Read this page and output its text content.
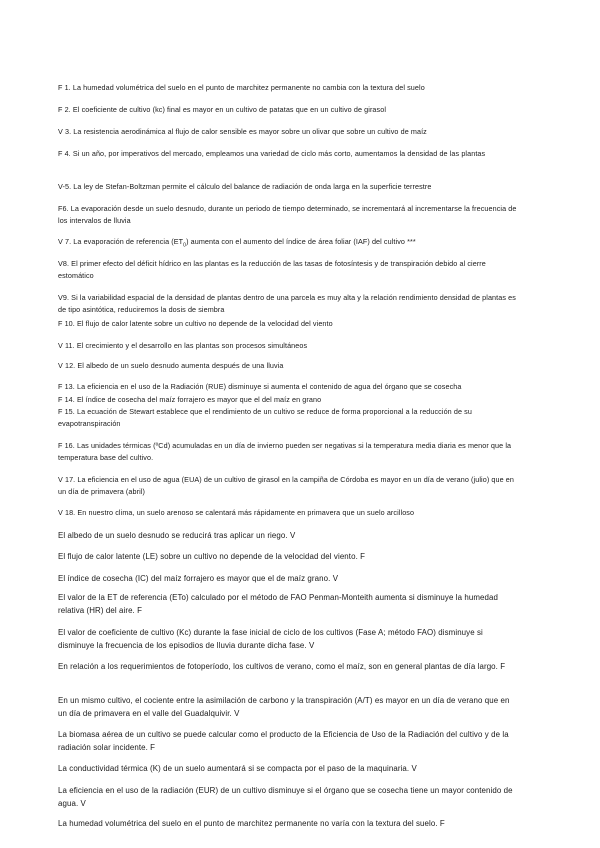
F 1. La humedad volumétrica del suelo en el punto de marchitez permanente no cambia con la textura del suelo

F 2. El coeficiente de cultivo (kc) final es mayor en un cultivo de patatas que en un cultivo de girasol

V 3. La resistencia aerodinámica al flujo de calor sensible es mayor sobre un olivar que sobre un cultivo de maíz

F 4. Si un año, por imperativos del mercado, empleamos una variedad de ciclo más corto, aumentamos la densidad de las plantas

V-5. La ley de Stefan-Boltzman permite el cálculo del balance de radiación de onda larga en la superficie terrestre

F6. La evaporación desde un suelo desnudo, durante un periodo de tiempo determinado, se incrementará al incrementarse la frecuencia de los intervalos de lluvia

V 7. La evaporación de referencia $(ET_0)$ aumenta con el aumento del índice de área foliar (IAF) del cultivo ***

V8. El primer efecto del déficit hídrico en las plantas es la reducción de las tasas de fotosíntesis y de transpiración debido al cierre estomático

V9. Si la variabilidad espacial de la densidad de plantas dentro de una parcela es muy alta y la relación rendimiento densidad de plantas es de tipo asintótica, reduciremos la dosis de siembra

F 10. El flujo de calor latente sobre un cultivo no depende de la velocidad del viento

V 11. El crecimiento y el desarrollo en las plantas son procesos simultáneos

V 12. El albedo de un suelo desnudo aumenta después de una lluvia

F 13. La eficiencia en el uso de la Radiación (RUE) disminuye si aumenta el contenido de agua del órgano que se cosecha

F 14. El índice de cosecha del maíz forrajero es mayor que el del maíz en grano

F 15. La ecuación de Stewart establece que el rendimiento de un cultivo se reduce de forma proporcional a la reducción de su evapotranspiración

F 16. Las unidades térmicas (ºCd) acumuladas en un día de invierno pueden ser negativas si la temperatura media diaria es menor que la temperatura base del cultivo.

V 17. La eficiencia en el uso de agua (EUA) de un cultivo de girasol en la campiña de Córdoba es mayor en un día de verano (julio) que en un día de primavera (abril)

V 18. En nuestro clima, un suelo arenoso se calentará más rápidamente en primavera que un suelo arcilloso

El albedo de un suelo desnudo se reducirá tras aplicar un riego. V

El flujo de calor latente (LE) sobre un cultivo no depende de la velocidad del viento. F

El índice de cosecha (IC) del maíz forrajero es mayor que el de maíz grano. V

El valor de la ET de referencia (ETo) calculado por el método de FAO Penman-Monteith aumenta si disminuye la humedad relativa (HR) del aire. F

El valor de coeficiente de cultivo (Kc) durante la fase inicial de ciclo de los cultivos (Fase A; método FAO) disminuye si disminuye la frecuencia de los episodios de lluvia durante dicha fase. V

En relación a los requerimientos de fotoperíodo, los cultivos de verano, como el maíz, son en general plantas de día largo. F

En un mismo cultivo, el cociente entre la asimilación de carbono y la transpiración (A/T) es mayor en un día de verano que en un día de primavera en el valle del Guadalquivir. V

La biomasa aérea de un cultivo se puede calcular como el producto de la Eficiencia de Uso de la Radiación del cultivo y de la radiación solar incidente. F

La conductividad térmica (K) de un suelo aumentará si se compacta por el paso de la maquinaria. V

La eficiencia en el uso de la radiación (EUR) de un cultivo disminuye si el órgano que se cosecha tiene un mayor contenido de agua. V

La humedad volumétrica del suelo en el punto de marchitez permanente no varía con la textura del suelo. F
